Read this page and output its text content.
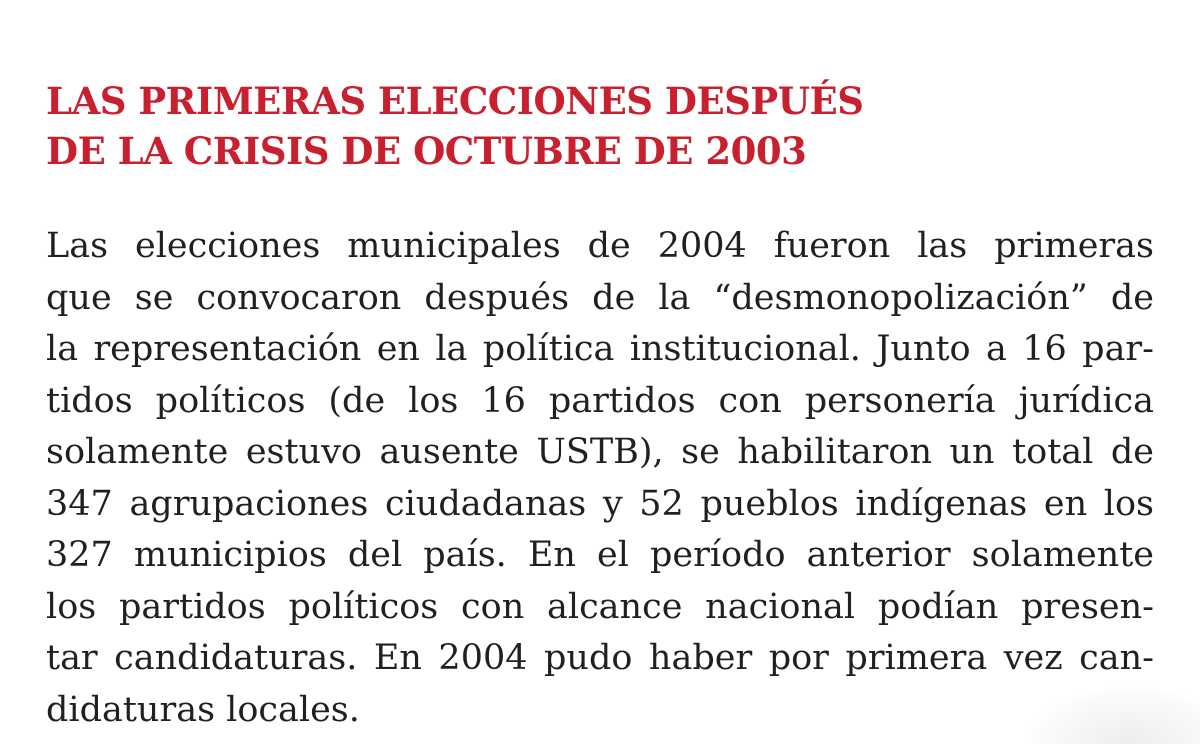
LAS PRIMERAS ELECCIONES DESPUÉS
DE LA CRISIS DE OCTUBRE DE 2003

Las elecciones municipales de 2004 fueron las primeras
que se convocaron después de la “desmonopolización” de
la representación en la política institucional. Junto a 16 par-
tidos políticos (de los 16 partidos con personería jurídica
solamente estuvo ausente USTB), se habilitaron un total de
347 agrupaciones ciudadanas y 52 pueblos indígenas en los
327 municipios del país. En el período anterior solamente
los partidos políticos con alcance nacional podían presen-
tar candidaturas. En 2004 pudo haber por primera vez can-
didaturas locales.
